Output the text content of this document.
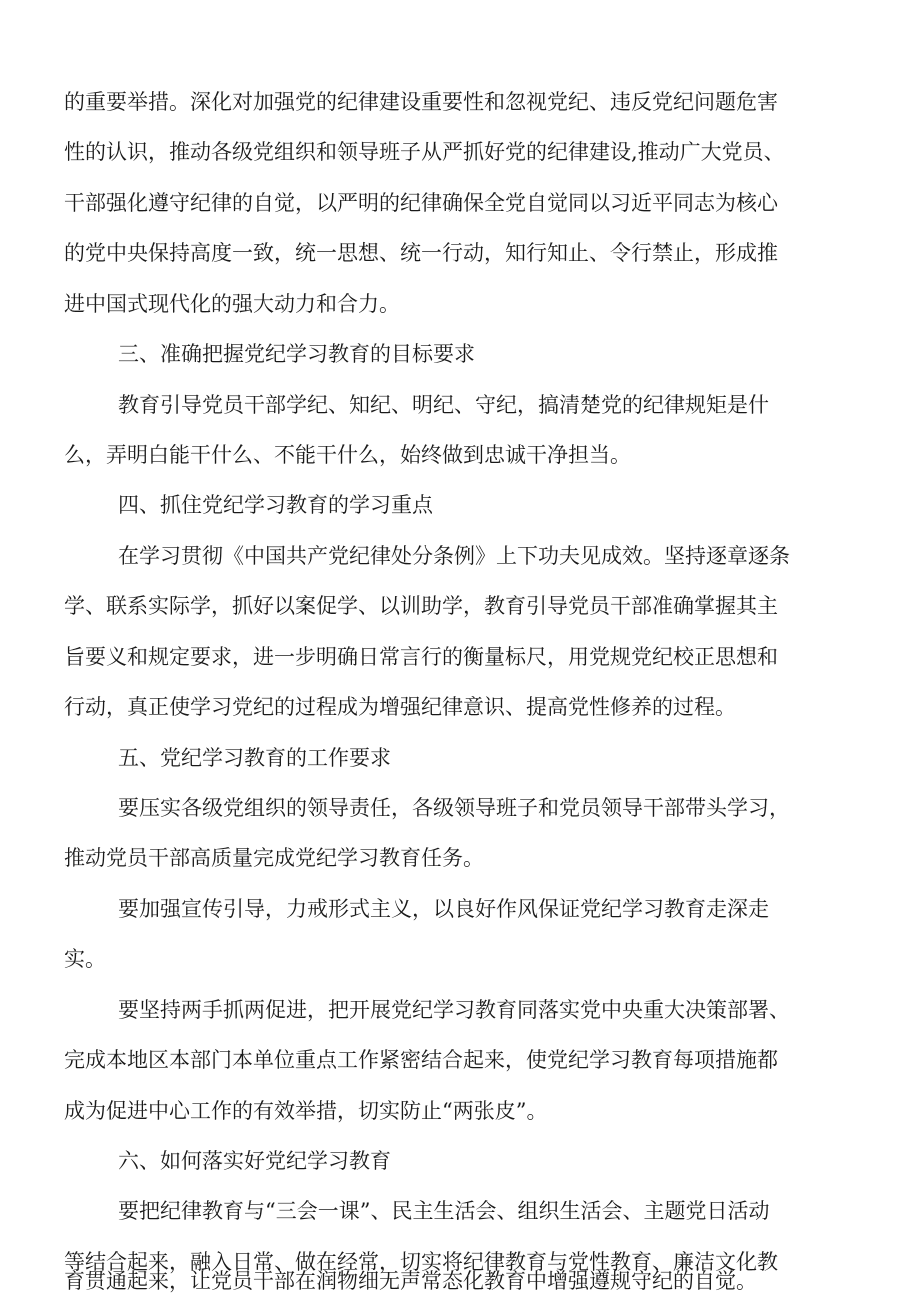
的重要举措。深化对加强党的纪律建设重要性和忽视党纪、违反党纪问题危害
性的认识，推动各级党组织和领导班子从严抓好党的纪律建设,推动广大党员、
干部强化遵守纪律的自觉，以严明的纪律确保全党自觉同以习近平同志为核心
的党中央保持高度一致，统一思想、统一行动，知行知止、令行禁止，形成推
进中国式现代化的强大动力和合力。
三、准确把握党纪学习教育的目标要求
教育引导党员干部学纪、知纪、明纪、守纪，搞清楚党的纪律规矩是什
么，弄明白能干什么、不能干什么，始终做到忠诚干净担当。
四、抓住党纪学习教育的学习重点
在学习贯彻《中国共产党纪律处分条例》上下功夫见成效。坚持逐章逐条
学、联系实际学，抓好以案促学、以训助学，教育引导党员干部准确掌握其主
旨要义和规定要求，进一步明确日常言行的衡量标尺，用党规党纪校正思想和
行动，真正使学习党纪的过程成为增强纪律意识、提高党性修养的过程。
五、党纪学习教育的工作要求
要压实各级党组织的领导责任，各级领导班子和党员领导干部带头学习，
推动党员干部高质量完成党纪学习教育任务。
要加强宣传引导，力戒形式主义，以良好作风保证党纪学习教育走深走
实。
要坚持两手抓两促进，把开展党纪学习教育同落实党中央重大决策部署、
完成本地区本部门本单位重点工作紧密结合起来，使党纪学习教育每项措施都
成为促进中心工作的有效举措，切实防止“两张皮”。
六、如何落实好党纪学习教育
要把纪律教育与“三会一课”、民主生活会、组织生活会、主题党日活动
等结合起来，融入日常、做在经常，切实将纪律教育与党性教育、廉洁文化教
育贯通起来，让党员干部在润物细无声常态化教育中增强遵规守纪的自觉。
